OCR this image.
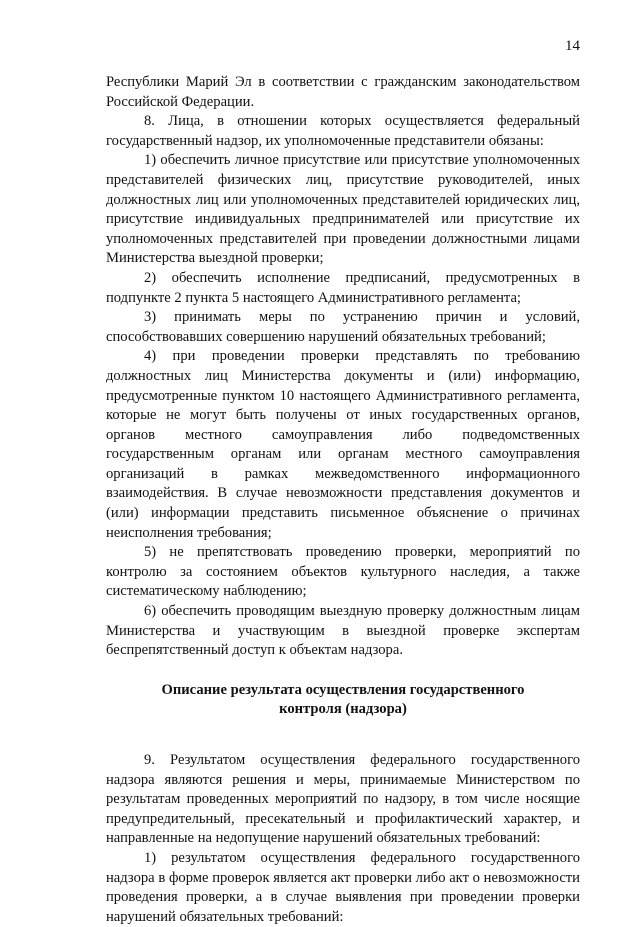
14

Республики Марий Эл в соответствии с гражданским законодательством Российской Федерации.

8. Лица, в отношении которых осуществляется федеральный государственный надзор, их уполномоченные представители обязаны:

1) обеспечить личное присутствие или присутствие уполномоченных представителей физических лиц, присутствие руководителей, иных должностных лиц или уполномоченных представителей юридических лиц, присутствие индивидуальных предпринимателей или присутствие их уполномоченных представителей при проведении должностными лицами Министерства выездной проверки;

2) обеспечить исполнение предписаний, предусмотренных в подпункте 2 пункта 5 настоящего Административного регламента;

3) принимать меры по устранению причин и условий, способствовавших совершению нарушений обязательных требований;

4) при проведении проверки представлять по требованию должностных лиц Министерства документы и (или) информацию, предусмотренные пунктом 10 настоящего Административного регламента, которые не могут быть получены от иных государственных органов, органов местного самоуправления либо подведомственных государственным органам или органам местного самоуправления организаций в рамках межведомственного информационного взаимодействия. В случае невозможности представления документов и (или) информации представить письменное объяснение о причинах неисполнения требования;

5) не препятствовать проведению проверки, мероприятий по контролю за состоянием объектов культурного наследия, а также систематическому наблюдению;

6) обеспечить проводящим выездную проверку должностным лицам Министерства и участвующим в выездной проверке экспертам беспрепятственный доступ к объектам надзора.

Описание результата осуществления государственного
контроля (надзора)

9. Результатом осуществления федерального государственного надзора являются решения и меры, принимаемые Министерством по результатам проведенных мероприятий по надзору, в том числе носящие предупредительный, пресекательный и профилактический характер, и направленные на недопущение нарушений обязательных требований:

1) результатом осуществления федерального государственного надзора в форме проверок является акт проверки либо акт о невозможности проведения проверки, а в случае выявления при проведении проверки нарушений обязательных требований:
